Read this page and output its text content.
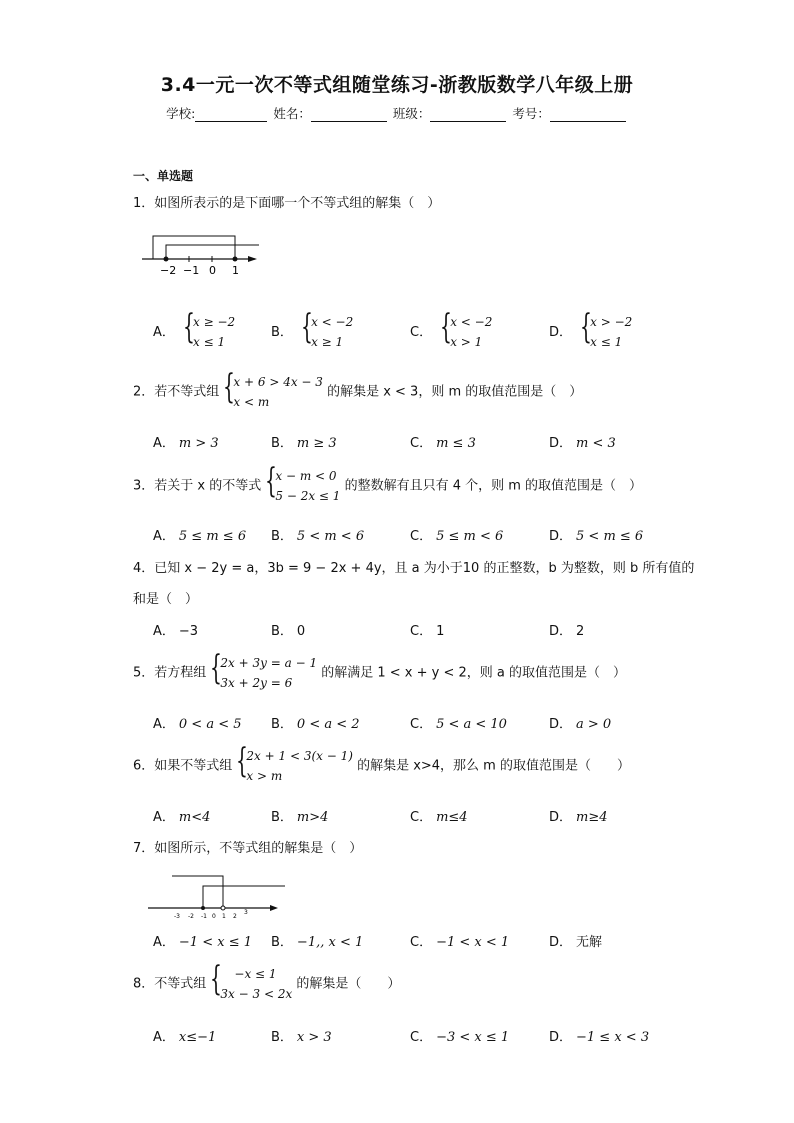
3.4一元一次不等式组随堂练习-浙教版数学八年级上册
学校:	姓名：	班级：	考号：
一、单选题
1．如图所表示的是下面哪一个不等式组的解集（　）
−2 −1 0 1
A． {
x ≥ −2
x ≤ 1
B． {
x < −2
x ≥ 1
C． {
x < −2
x > 1
D． {
x > −2
x ≤ 1
2．若不等式组 {
x + 6 > 4x − 3
x < m
的解集是 x < 3，则 m 的取值范围是（　）
A． m > 3	B． m ≥ 3	C． m ≤ 3	D． m < 3
3．若关于 x 的不等式 {
x − m < 0
5 − 2x ≤ 1
的整数解有且只有 4 个，则 m 的取值范围是（　）
A． 5 ≤ m ≤ 6 B． 5 < m < 6	C． 5 ≤ m < 6	D． 5 < m ≤ 6
4．已知 x − 2y = a，3b = 9 − 2x + 4y，且 a 为小于10 的正整数，b 为整数，则 b 所有值的
和是（　）
A． −3	B． 0	C． 1	D． 2
5．若方程组 {
2x + 3y = a − 1
3x + 2y = 6
的解满足 1 < x + y < 2，则 a 的取值范围是（　）
A． 0 < a < 5 B． 0 < a < 2	C． 5 < a < 10	D． a > 0
6．如果不等式组 {
2x + 1 < 3(x − 1)
x > m
的解集是 x>4，那么 m 的取值范围是（　　）
A． m<4	B． m>4	C． m≤4	D． m≥4
7．如图所示，不等式组的解集是（　）
-3 -2 -1 0 1 2
3
A． −1 < x ≤ 1 B． −1,, x < 1	C． −1 < x < 1	D． 无解
8．不等式组 {	−x ≤ 1
3x − 3 < 2x
的解集是（　　）
A． x≤−1	B． x > 3	C． −3 < x ≤ 1	D． −1 ≤ x < 3
